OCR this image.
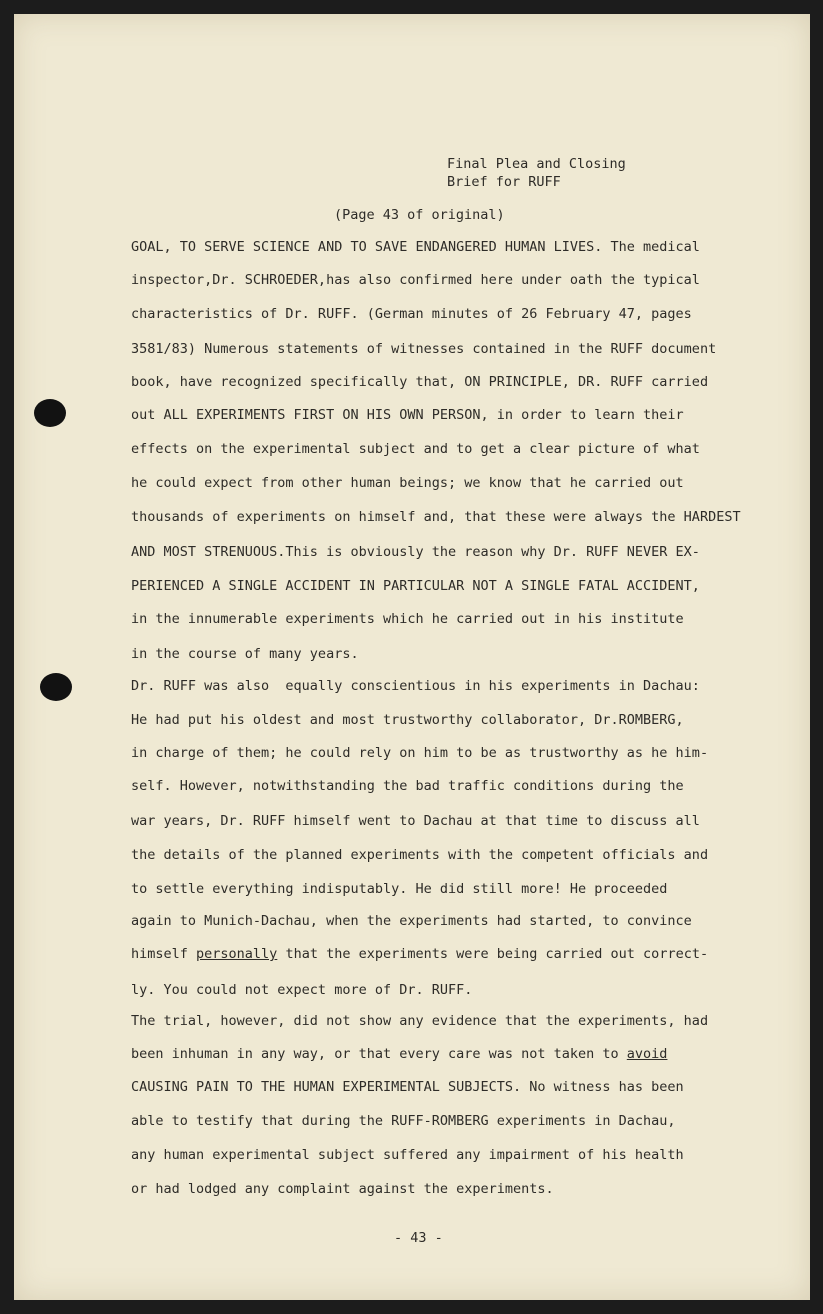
Final Plea and Closing
Brief for RUFF
(Page 43 of original)
GOAL, TO SERVE SCIENCE AND TO SAVE ENDANGERED HUMAN LIVES. The medical
inspector,Dr. SCHROEDER,has also confirmed here under oath the typical
characteristics of Dr. RUFF. (German minutes of 26 February 47, pages
3581/83) Numerous statements of witnesses contained in the RUFF document
book, have recognized specifically that, ON PRINCIPLE, DR. RUFF carried
out ALL EXPERIMENTS FIRST ON HIS OWN PERSON, in order to learn their
effects on the experimental subject and to get a clear picture of what
he could expect from other human beings; we know that he carried out
thousands of experiments on himself and, that these were always the HARDEST
AND MOST STRENUOUS.This is obviously the reason why Dr. RUFF NEVER EX-
PERIENCED A SINGLE ACCIDENT IN PARTICULAR NOT A SINGLE FATAL ACCIDENT,
in the innumerable experiments which he carried out in his institute
in the course of many years.
Dr. RUFF was also  equally conscientious in his experiments in Dachau:
He had put his oldest and most trustworthy collaborator, Dr.ROMBERG,
in charge of them; he could rely on him to be as trustworthy as he him-
self. However, notwithstanding the bad traffic conditions during the
war years, Dr. RUFF himself went to Dachau at that time to discuss all
the details of the planned experiments with the competent officials and
to settle everything indisputably. He did still more! He proceeded
again to Munich-Dachau, when the experiments had started, to convince
himself personally that the experiments were being carried out correct-
ly. You could not expect more of Dr. RUFF.
The trial, however, did not show any evidence that the experiments, had
been inhuman in any way, or that every care was not taken to avoid
CAUSING PAIN TO THE HUMAN EXPERIMENTAL SUBJECTS. No witness has been
able to testify that during the RUFF-ROMBERG experiments in Dachau,
any human experimental subject suffered any impairment of his health
or had lodged any complaint against the experiments.
- 43 -
